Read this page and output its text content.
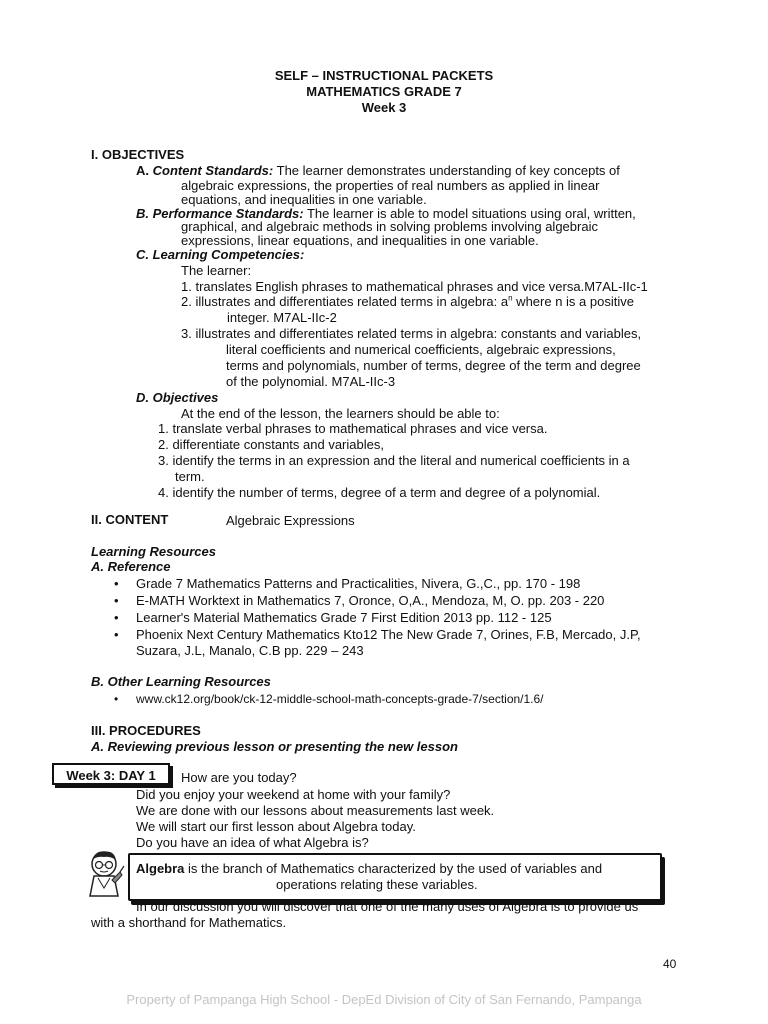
SELF – INSTRUCTIONAL PACKETS
MATHEMATICS GRADE 7
Week 3
I. OBJECTIVES
A. Content Standards: The learner demonstrates understanding of key concepts of
algebraic expressions, the properties of real numbers as applied in linear
equations, and inequalities in one variable.
B. Performance Standards: The learner is able to model situations using oral, written,
graphical, and algebraic methods in solving problems involving algebraic
expressions, linear equations, and inequalities in one variable.
C. Learning Competencies:
The learner:
1. translates English phrases to mathematical phrases and vice versa.M7AL-IIc-1
2. illustrates and differentiates related terms in algebra: $a^n$ where n is a positive
integer. M7AL-IIc-2
3. illustrates and differentiates related terms in algebra: constants and variables,
literal coefficients and numerical coefficients, algebraic expressions,
terms and polynomials, number of terms, degree of the term and degree
of the polynomial. M7AL-IIc-3
D. Objectives
At the end of the lesson, the learners should be able to:
1. translate verbal phrases to mathematical phrases and vice versa.
2. differentiate constants and variables,
3. identify the terms in an expression and the literal and numerical coefficients in a
term.
4. identify the number of terms, degree of a term and degree of a polynomial.
II. CONTENT	Algebraic Expressions
Learning Resources
A. Reference
• Grade 7 Mathematics Patterns and Practicalities, Nivera, G.,C., pp. 170 - 198
• E-MATH Worktext in Mathematics 7, Oronce, O,A., Mendoza, M, O. pp. 203 - 220
• Learner's Material Mathematics Grade 7 First Edition 2013 pp. 112 - 125
• Phoenix Next Century Mathematics Kto12 The New Grade 7, Orines, F.B, Mercado, J.P,
Suzara, J.L, Manalo, C.B pp. 229 – 243
B. Other Learning Resources
• www.ck12.org/book/ck-12-middle-school-math-concepts-grade-7/section/1.6/
III. PROCEDURES
A. Reviewing previous lesson or presenting the new lesson
Week 3: DAY 1	How are you today?
Did you enjoy your weekend at home with your family?
We are done with our lessons about measurements last week.
We will start our first lesson about Algebra today.
Do you have an idea of what Algebra is?
Algebra is the branch of Mathematics characterized by the used of variables and
operations relating these variables.
In our discussion you will discover that one of the many uses of Algebra is to provide us
with a shorthand for Mathematics.
40
Property of Pampanga High School - DepEd Division of City of San Fernando, Pampanga
